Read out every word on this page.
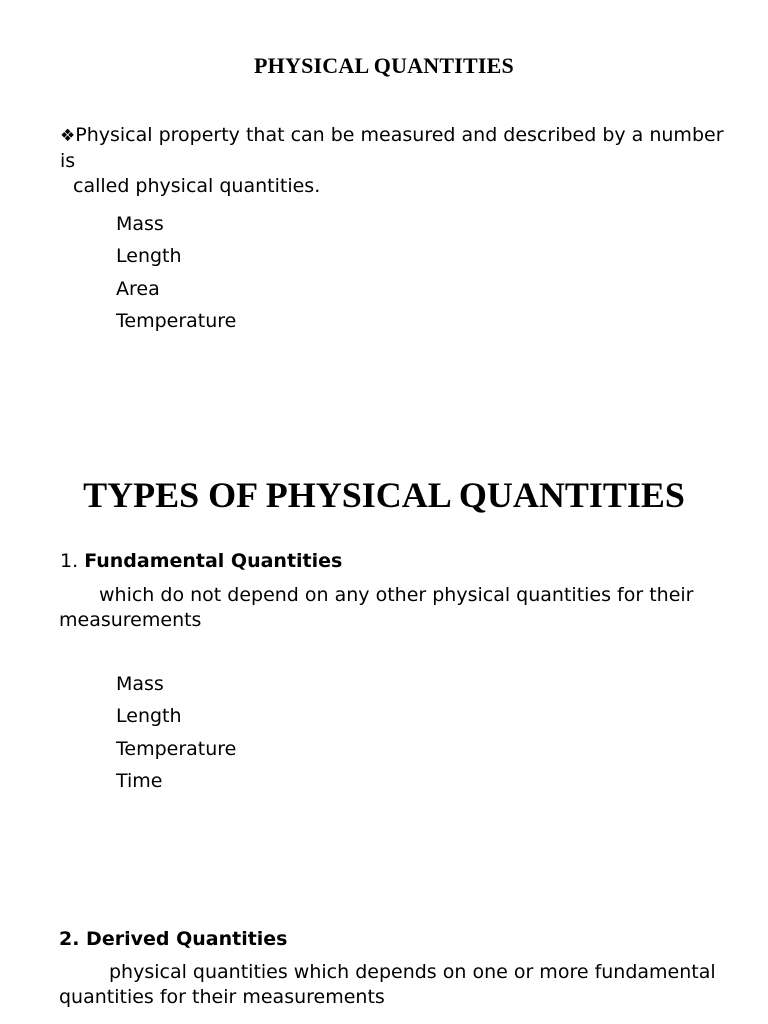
PHYSICAL QUANTITIES
❖Physical property that can be measured and described by a number is
called physical quantities.
Mass
Length
Area
Temperature
TYPES OF PHYSICAL QUANTITIES
1. Fundamental Quantities
which do not depend on any other physical quantities for their measurements
Mass
Length
Temperature
Time
2. Derived Quantities
physical quantities which depends on one or more fundamental quantities for their measurements
